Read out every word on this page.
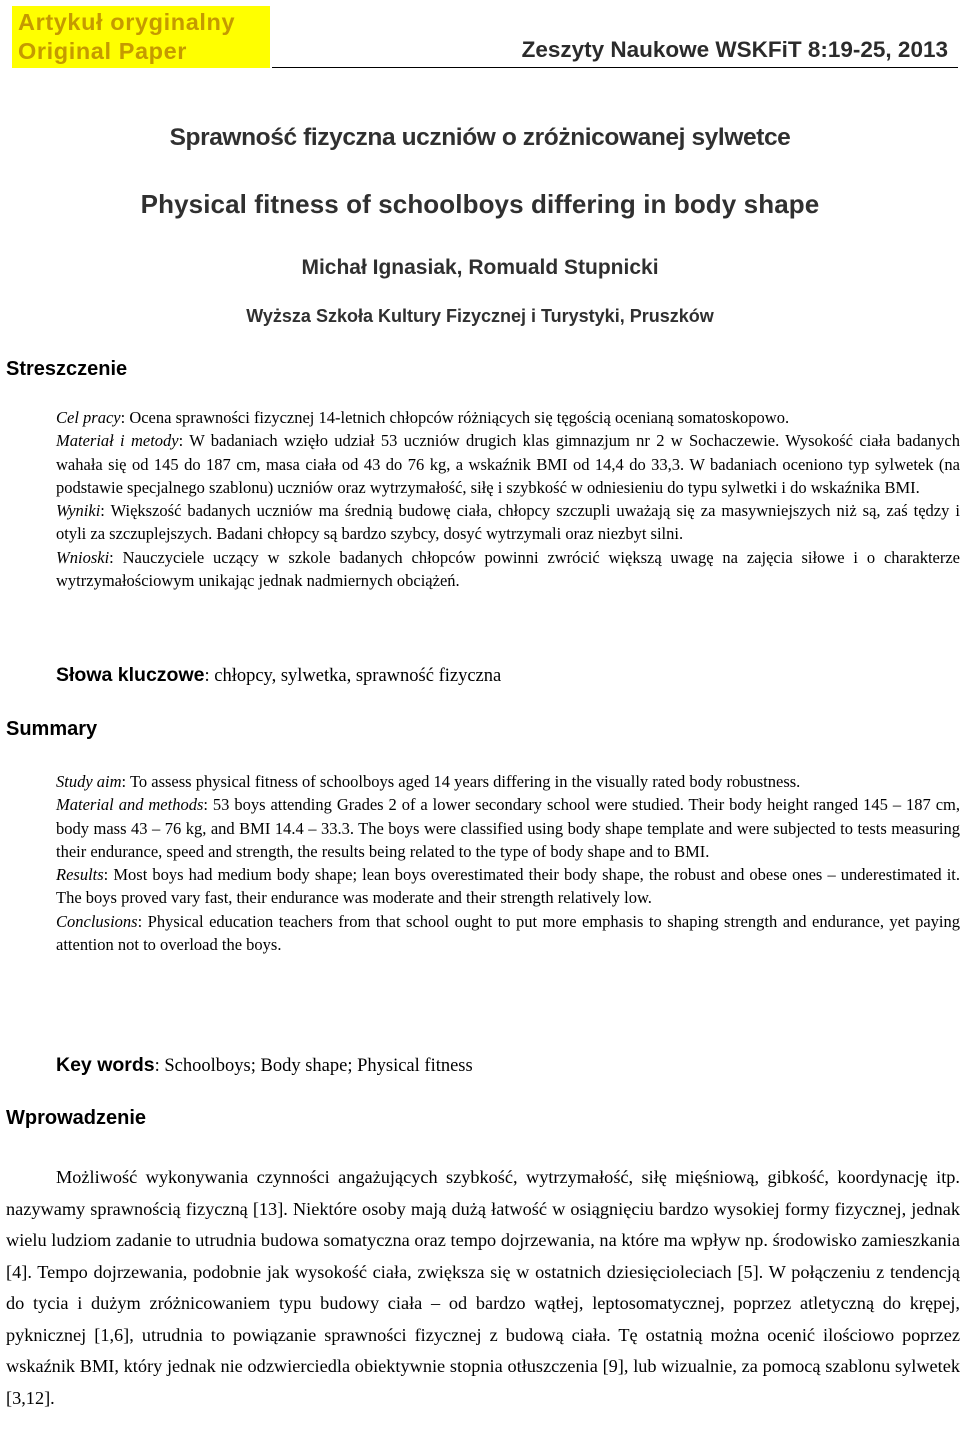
Artykuł oryginalny
Original Paper	Zeszyty Naukowe WSKFiT 8:19-25, 2013
Sprawność fizyczna uczniów o zróżnicowanej sylwetce
Physical fitness of schoolboys differing in body shape
Michał Ignasiak, Romuald Stupnicki
Wyższa Szkoła Kultury Fizycznej i Turystyki, Pruszków
Streszczenie

Cel pracy: Ocena sprawności fizycznej 14-letnich chłopców różniących się tęgością ocenianą somatoskopowo.

Materiał i metody: W badaniach wzięło udział 53 uczniów drugich klas gimnazjum nr 2 w Sochaczewie. Wysokość ciała badanych wahała się od 145 do 187 cm, masa ciała od 43 do 76 kg, a wskaźnik BMI od 14,4 do 33,3. W badaniach oceniono typ sylwetek (na podstawie specjalnego szablonu) uczniów oraz wytrzymałość, siłę i szybkość w odniesieniu do typu sylwetki i do wskaźnika BMI.

Wyniki: Większość badanych uczniów ma średnią budowę ciała, chłopcy szczupli uważają się za masywniejszych niż są, zaś tędzy i otyli za szczuplejszych. Badani chłopcy są bardzo szybcy, dosyć wytrzymali oraz niezbyt silni.

Wnioski: Nauczyciele uczący w szkole badanych chłopców powinni zwrócić większą uwagę na zajęcia siłowe i o charakterze wytrzymałościowym unikając jednak nadmiernych obciążeń.

Słowa kluczowe: chłopcy, sylwetka, sprawność fizyczna
Summary

Study aim: To assess physical fitness of schoolboys aged 14 years differing in the visually rated body robustness.

Material and methods: 53 boys attending Grades 2 of a lower secondary school were studied. Their body height ranged 145 – 187 cm, body mass 43 – 76 kg, and BMI 14.4 – 33.3. The boys were classified using body shape template and were subjected to tests measuring their endurance, speed and strength, the results being related to the type of body shape and to BMI.

Results: Most boys had medium body shape; lean boys overestimated their body shape, the robust and obese ones – underestimated it. The boys proved vary fast, their endurance was moderate and their strength relatively low.

Conclusions: Physical education teachers from that school ought to put more emphasis to shaping strength and endurance, yet paying attention not to overload the boys.

Key words: Schoolboys; Body shape; Physical fitness
Wprowadzenie

Możliwość wykonywania czynności angażujących szybkość, wytrzymałość, siłę mięśniową, gibkość, koordynację itp. nazywamy sprawnością fizyczną [13]. Niektóre osoby mają dużą łatwość w osiągnięciu bardzo wysokiej formy fizycznej, jednak wielu ludziom zadanie to utrudnia budowa somatyczna oraz tempo dojrzewania, na które ma wpływ np. środowisko zamieszkania [4]. Tempo dojrzewania, podobnie jak wysokość ciała, zwiększa się w ostatnich dziesięcioleciach [5]. W połączeniu z tendencją do tycia i dużym zróżnicowaniem typu budowy ciała – od bardzo wątłej, leptosomatycznej, poprzez atletyczną do krępej, pyknicznej [1,6], utrudnia to powiązanie sprawności fizycznej z budową ciała. Tę ostatnią można ocenić ilościowo poprzez wskaźnik BMI, który jednak nie odzwierciedla obiektywnie stopnia otłuszczenia [9], lub wizualnie, za pomocą szablonu sylwetek [3,12].
